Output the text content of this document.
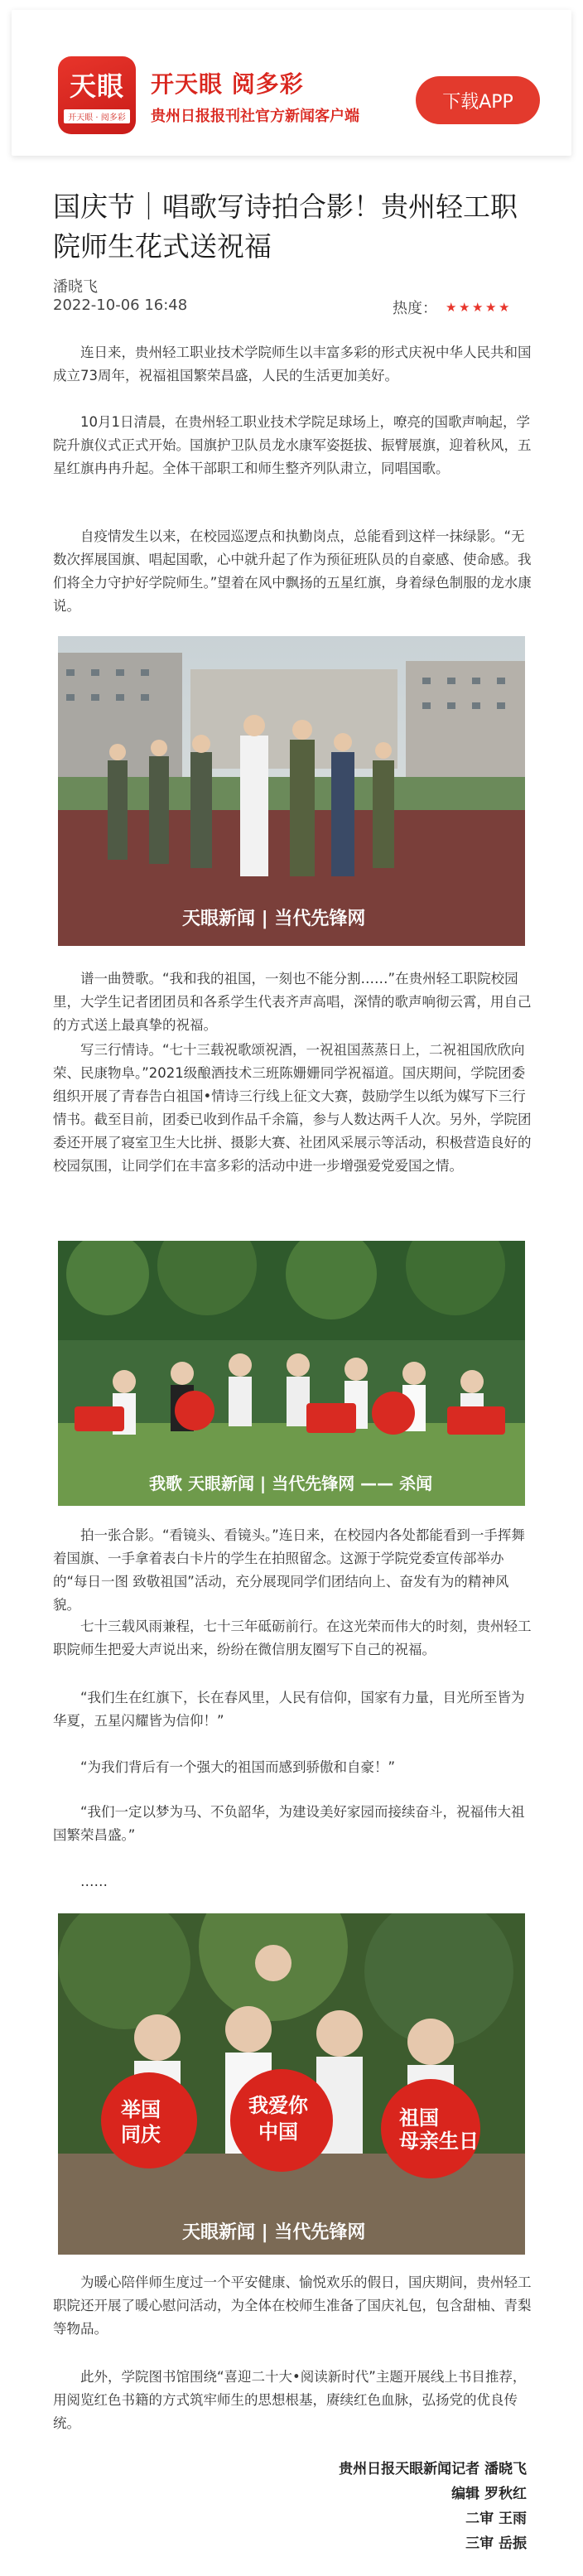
天眼
开天眼 · 阅多彩
开天眼 阅多彩
贵州日报报刊社官方新闻客户端
下载APP
国庆节｜唱歌写诗拍合影！贵州轻工职院师生花式送祝福
潘晓飞
2022-10-06 16:48	热度： ★ ★ ★ ★ ★

连日来，贵州轻工职业技术学院师生以丰富多彩的形式庆祝中华人民共和国成立73周年，祝福祖国繁荣昌盛，人民的生活更加美好。

10月1日清晨，在贵州轻工职业技术学院足球场上，嘹亮的国歌声响起，学院升旗仪式正式开始。国旗护卫队员龙水康军姿挺拔、振臂展旗，迎着秋风，五星红旗冉冉升起。全体干部职工和师生整齐列队肃立，同唱国歌。

自疫情发生以来，在校园巡逻点和执勤岗点，总能看到这样一抹绿影。“无数次挥展国旗、唱起国歌，心中就升起了作为预征班队员的自豪感、使命感。我们将全力守护好学院师生。”望着在风中飘扬的五星红旗，身着绿色制服的龙水康说。

天眼新闻 | 当代先锋网

谱一曲赞歌。“我和我的祖国，一刻也不能分割……”在贵州轻工职院校园里，大学生记者团团员和各系学生代表齐声高唱，深情的歌声响彻云霄，用自己的方式送上最真挚的祝福。

写三行情诗。“七十三载祝歌颂祝酒，一祝祖国蒸蒸日上，二祝祖国欣欣向荣、民康物阜。”2021级酿酒技术三班陈姗姗同学祝福道。国庆期间，学院团委组织开展了青春告白祖国•情诗三行线上征文大赛，鼓励学生以纸为媒写下三行情书。截至目前，团委已收到作品千余篇，参与人数达两千人次。另外，学院团委还开展了寝室卫生大比拼、摄影大赛、社团风采展示等活动，积极营造良好的校园氛围，让同学们在丰富多彩的活动中进一步增强爱党爱国之情。

我歌 天眼新闻 | 当代先锋网 —— 杀闻

拍一张合影。“看镜头、看镜头。”连日来，在校园内各处都能看到一手挥舞着国旗、一手拿着表白卡片的学生在拍照留念。这源于学院党委宣传部举办的“每日一图 致敬祖国”活动，充分展现同学们团结向上、奋发有为的精神风貌。

七十三载风雨兼程，七十三年砥砺前行。在这光荣而伟大的时刻，贵州轻工职院师生把爱大声说出来，纷纷在微信朋友圈写下自己的祝福。

“我们生在红旗下，长在春风里，人民有信仰，国家有力量，目光所至皆为华夏，五星闪耀皆为信仰！”

“为我们背后有一个强大的祖国而感到骄傲和自豪！”

“我们一定以梦为马、不负韶华，为建设美好家园而接续奋斗，祝福伟大祖国繁荣昌盛。”

……

举国
同庆
我爱你
中国
祖国
母亲生日
天眼新闻 | 当代先锋网

为暖心陪伴师生度过一个平安健康、愉悦欢乐的假日，国庆期间，贵州轻工职院还开展了暖心慰问活动，为全体在校师生准备了国庆礼包，包含甜柚、青梨等物品。

此外，学院图书馆围绕“喜迎二十大•阅读新时代”主题开展线上书目推荐，用阅览红色书籍的方式筑牢师生的思想根基，赓续红色血脉，弘扬党的优良传统。

贵州日报天眼新闻记者 潘晓飞
编辑 罗秋红
二审 王雨
三审 岳振
